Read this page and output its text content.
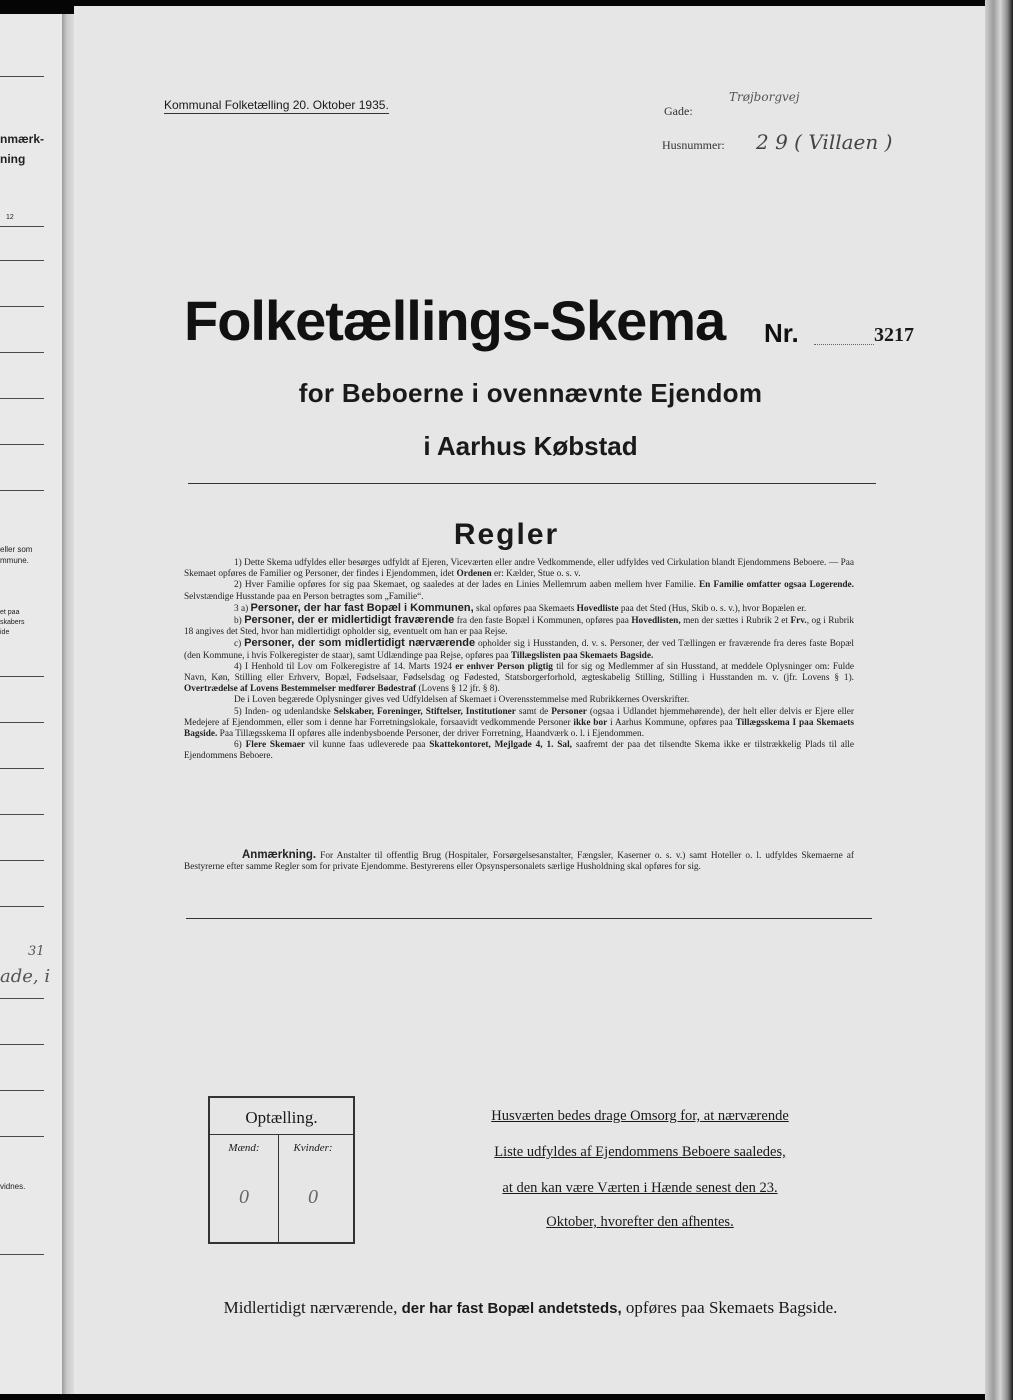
nmærk-
ning
12
eller som
mmune.
et paa
skabers
ide
31
ade, i
vidnes.
Kommunal Folketælling 20. Oktober 1935.	Gade:
Trøjborgvej
Husnummer: 2 9 ( Villaen )
Folketællings-Skema Nr.	3217
for Beboerne i ovennævnte Ejendom
i Aarhus Købstad
Regler

1) Dette Skema udfyldes eller besørges udfyldt af Ejeren, Viceværten eller andre Vedkommende, eller udfyldes ved Cirkulation blandt Ejendommens Beboere. — Paa Skemaet opføres de Familier og Personer, der findes i Ejendommen, idet Ordenen er: Kælder, Stue o. s. v.

2) Hver Familie opføres for sig paa Skemaet, og saaledes at der lades en Linies Mellemrum aaben mellem hver Familie. En Familie omfatter ogsaa Logerende. Selvstændige Husstande paa en Person betragtes som „Familie“.

3 a) Personer, der har fast Bopæl i Kommunen, skal opføres paa Skemaets Hovedliste paa det Sted (Hus, Skib o. s. v.), hvor Bopælen er.

b) Personer, der er midlertidigt fraværende fra den faste Bopæl i Kommunen, opføres paa Hovedlisten, men der sættes i Rubrik 2 et Frv., og i Rubrik 18 angives det Sted, hvor han midlertidigt opholder sig, eventuelt om han er paa Rejse.

c) Personer, der som midlertidigt nærværende opholder sig i Husstanden, d. v. s. Personer, der ved Tællingen er fraværende fra deres faste Bopæl (den Kommune, i hvis Folkeregister de staar), samt Udlændinge paa Rejse, opføres paa Tillægslisten paa Skemaets Bagside.

4) I Henhold til Lov om Folkeregistre af 14. Marts 1924 er enhver Person pligtig til for sig og Medlemmer af sin Husstand, at meddele Oplysninger om: Fulde Navn, Køn, Stilling eller Erhverv, Bopæl, Fødselsaar, Fødselsdag og Fødested, Statsborgerforhold, ægteskabelig Stilling, Stilling i Husstanden m. v. (jfr. Lovens § 1). Overtrædelse af Lovens Bestemmelser medfører Bødestraf (Lovens § 12 jfr. § 8).

De i Loven begærede Oplysninger gives ved Udfyldelsen af Skemaet i Overensstemmelse med Rubrikkernes Overskrifter.

5) Inden- og udenlandske Selskaber, Foreninger, Stiftelser, Institutioner samt de Personer (ogsaa i Udlandet hjemmehørende), der helt eller delvis er Ejere eller Medejere af Ejendommen, eller som i denne har Forretningslokale, forsaavidt vedkommende Personer ikke bor i Aarhus Kommune, opføres paa Tillægsskema I paa Skemaets Bagside. Paa Tillægsskema II opføres alle indenbysboende Personer, der driver Forretning, Haandværk o. l. i Ejendommen.

6) Flere Skemaer vil kunne faas udleverede paa Skattekontoret, Mejlgade 4, 1. Sal, saafremt der paa det tilsendte Skema ikke er tilstrækkelig Plads til alle Ejendommens Beboere.

Anmærkning. For Anstalter til offentlig Brug (Hospitaler, Forsørgelsesanstalter, Fængsler, Kaserner o. s. v.) samt Hoteller o. l. udfyldes Skemaerne af Bestyrerne efter samme Regler som for private Ejendomme. Bestyrerens eller Opsynspersonalets særlige Husholdning skal opføres for sig.
Optælling.
Mænd:	Kvinder:
0	0
Husværten bedes drage Omsorg for, at nærværende
Liste udfyldes af Ejendommens Beboere saaledes,
at den kan være Værten i Hænde senest den 23.
Oktober, hvorefter den afhentes.
Midlertidigt nærværende, der har fast Bopæl andetsteds, opføres paa Skemaets Bagside.
